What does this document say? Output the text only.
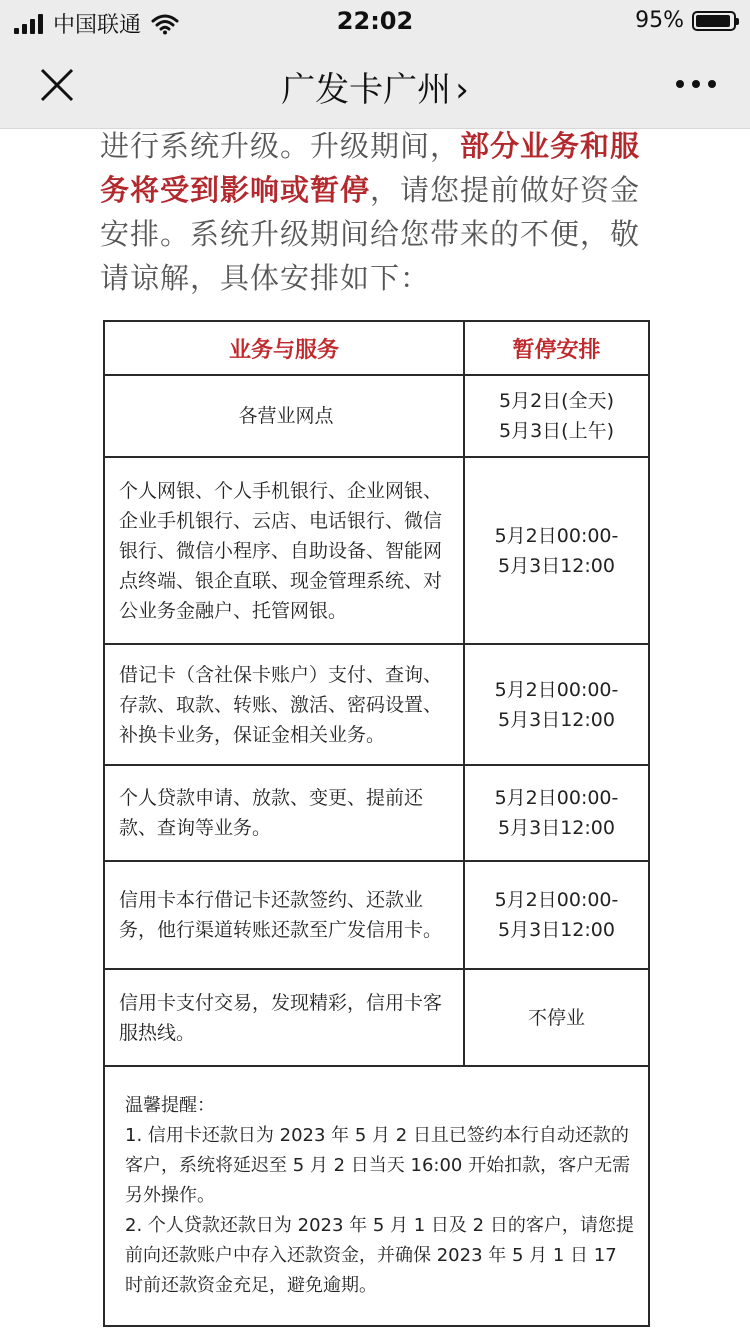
中国联通	22:02	95%
广发卡广州 ›
进行系统升级。升级期间，部分业务和服务将受到影响或暂停，请您提前做好资金安排。系统升级期间给您带来的不便，敬请谅解，具体安排如下：
业务与服务	暂停安排
各营业网点	5月2日(全天)
5月3日(上午)

个人网银、个人手机银行、企业网银、企业手机银行、云店、电话银行、微信银行、微信小程序、自助设备、智能网点终端、银企直联、现金管理系统、对公业务金融户、托管网银。	5月2日00:00-
5月3日12:00

借记卡（含社保卡账户）支付、查询、存款、取款、转账、激活、密码设置、补换卡业务，保证金相关业务。	5月2日00:00-
5月3日12:00

个人贷款申请、放款、变更、提前还款、查询等业务。	5月2日00:00-
5月3日12:00

信用卡本行借记卡还款签约、还款业务，他行渠道转账还款至广发信用卡。	5月2日00:00-
5月3日12:00

信用卡支付交易，发现精彩，信用卡客服热线。	不停业

温馨提醒：
1. 信用卡还款日为 2023 年 5 月 2 日且已签约本行自动还款的客户，系统将延迟至 5 月 2 日当天 16:00 开始扣款，客户无需另外操作。
2. 个人贷款还款日为 2023 年 5 月 1 日及 2 日的客户，请您提前向还款账户中存入还款资金，并确保 2023 年 5 月 1 日 17 时前还款资金充足，避免逾期。	
